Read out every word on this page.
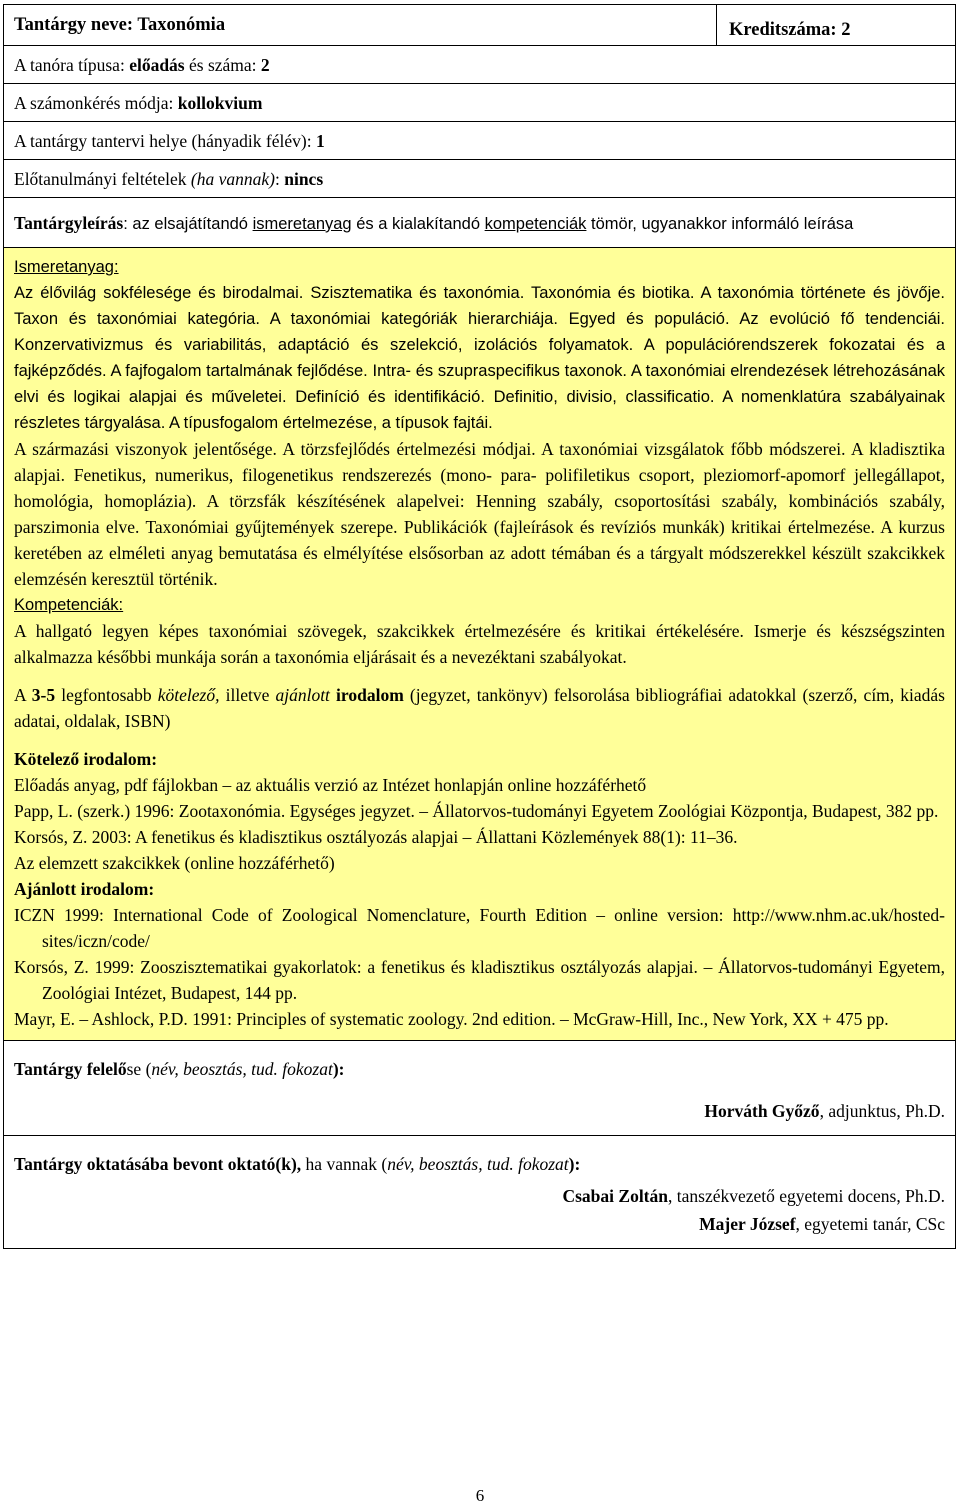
Tantárgy neve: Taxonómia	Kreditszáma: 2
A tanóra típusa: előadás és száma: 2
A számonkérés módja: kollokvium
A tantárgy tantervi helye (hányadik félév): 1
Előtanulmányi feltételek (ha vannak): nincs
Tantárgyleírás: az elsajátítandó ismeretanyag és a kialakítandó kompetenciák tömör, ugyanakkor informáló leírása
Ismeretanyag:
Az élővilág sokfélesége és birodalmai. Szisztematika és taxonómia. Taxonómia és biotika. A taxonómia története és jövője. Taxon és taxonómiai kategória. A taxonómiai kategóriák hierarchiája. Egyed és populáció. Az evolúció fő tendenciái. Konzervativizmus és variabilitás, adaptáció és szelekció, izolációs folyamatok. A populációrendszerek fokozatai és a fajképződés. A fajfogalom tartalmának fejlődése. Intra- és szupraspecifikus taxonok. A taxonómiai elrendezések létrehozásának elvi és logikai alapjai és műveletei. Definíció és identifikáció. Definitio, divisio, classificatio. A nomenklatúra szabályainak részletes tárgyalása. A típusfogalom értelmezése, a típusok fajtái.
A származási viszonyok jelentősége. A törzsfejlődés értelmezési módjai. A taxonómiai vizsgálatok főbb módszerei. A kladisztika alapjai. Fenetikus, numerikus, filogenetikus rendszerezés (mono- para- polifiletikus csoport, pleziomorf-apomorf jellegállapot, homológia, homoplázia). A törzsfák készítésének alapelvei: Henning szabály, csoportosítási szabály, kombinációs szabály, parszimonia elve. Taxonómiai gyűjtemények szerepe. Publikációk (fajleírások és revíziós munkák) kritikai értelmezése. A kurzus keretében az elméleti anyag bemutatása és elmélyítése elsősorban az adott témában és a tárgyalt módszerekkel készült szakcikkek elemzésén keresztül történik.
Kompetenciák:
A hallgató legyen képes taxonómiai szövegek, szakcikkek értelmezésére és kritikai értékelésére. Ismerje és készségszinten alkalmazza későbbi munkája során a taxonómia eljárásait és a nevezéktani szabályokat.
A 3-5 legfontosabb kötelező, illetve ajánlott irodalom (jegyzet, tankönyv) felsorolása bibliográfiai adatokkal (szerző, cím, kiadás adatai, oldalak, ISBN)
Kötelező irodalom:
Előadás anyag, pdf fájlokban – az aktuális verzió az Intézet honlapján online hozzáférhető
Papp, L. (szerk.) 1996: Zootaxonómia. Egységes jegyzet. – Állatorvos-tudományi Egyetem Zoológiai Központja, Budapest, 382 pp.
Korsós, Z. 2003: A fenetikus és kladisztikus osztályozás alapjai – Állattani Közlemények 88(1): 11–36.
Az elemzett szakcikkek (online hozzáférhető)
Ajánlott irodalom:
ICZN 1999: International Code of Zoological Nomenclature, Fourth Edition – online version: http://www.nhm.ac.uk/hosted-sites/iczn/code/
Korsós, Z. 1999: Zooszisztematikai gyakorlatok: a fenetikus és kladisztikus osztályozás alapjai. – Állatorvos-tudományi Egyetem, Zoológiai Intézet, Budapest, 144 pp.
Mayr, E. – Ashlock, P.D. 1991: Principles of systematic zoology. 2nd edition. – McGraw-Hill, Inc., New York, XX + 475 pp.
Tantárgy felelőse (név, beosztás, tud. fokozat):
Horváth Győző, adjunktus, Ph.D.
Tantárgy oktatásába bevont oktató(k), ha vannak (név, beosztás, tud. fokozat):
Csabai Zoltán, tanszékvezető egyetemi docens, Ph.D.
Majer József, egyetemi tanár, CSc
6
